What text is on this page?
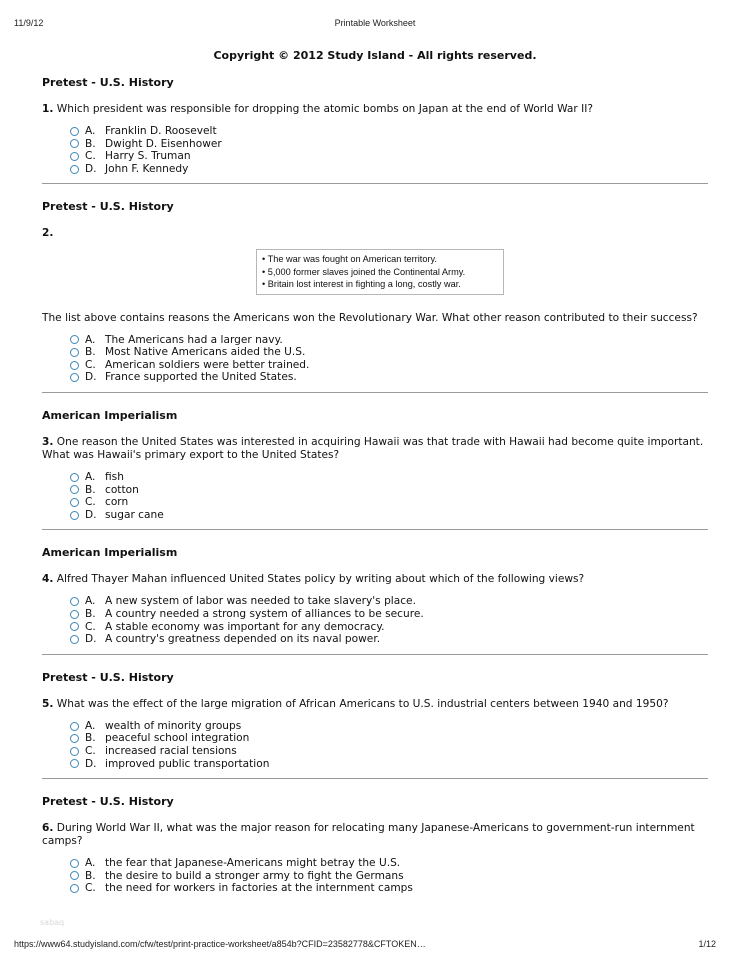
11/9/12	Printable Worksheet
Copyright © 2012 Study Island - All rights reserved.
Pretest - U.S. History
1. Which president was responsible for dropping the atomic bombs on Japan at the end of World War II?
A. Franklin D. Roosevelt
B. Dwight D. Eisenhower
C. Harry S. Truman
D. John F. Kennedy
Pretest - U.S. History
2.
• The war was fought on American territory.
• 5,000 former slaves joined the Continental Army.
• Britain lost interest in fighting a long, costly war.
The list above contains reasons the Americans won the Revolutionary War. What other reason contributed to their success?
A. The Americans had a larger navy.
B. Most Native Americans aided the U.S.
C. American soldiers were better trained.
D. France supported the United States.
American Imperialism
3. One reason the United States was interested in acquiring Hawaii was that trade with Hawaii had become quite important. What was Hawaii's primary export to the United States?
A. fish
B. cotton
C. corn
D. sugar cane
American Imperialism
4. Alfred Thayer Mahan influenced United States policy by writing about which of the following views?
A. A new system of labor was needed to take slavery's place.
B. A country needed a strong system of alliances to be secure.
C. A stable economy was important for any democracy.
D. A country's greatness depended on its naval power.
Pretest - U.S. History
5. What was the effect of the large migration of African Americans to U.S. industrial centers between 1940 and 1950?
A. wealth of minority groups
B. peaceful school integration
C. increased racial tensions
D. improved public transportation
Pretest - U.S. History
6. During World War II, what was the major reason for relocating many Japanese-Americans to government-run internment camps?
A. the fear that Japanese-Americans might betray the U.S.
B. the desire to build a stronger army to fight the Germans
C. the need for workers in factories at the internment camps
sabaq
https://www64.studyisland.com/cfw/test/print-practice-worksheet/a854b?CFID=23582778&CFTOKEN…	1/12
